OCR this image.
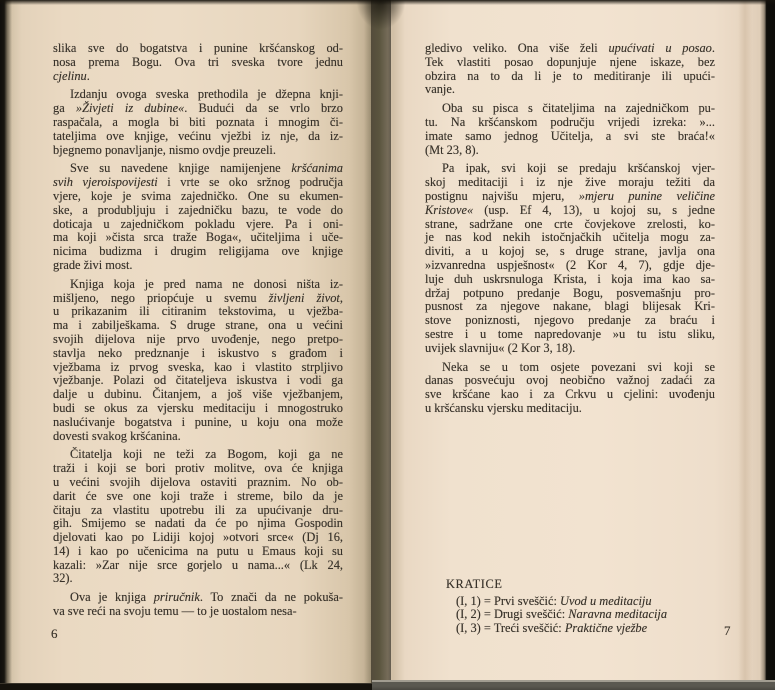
slika sve do bogatstva i punine kršćanskog od-
nosa prema Bogu. Ova tri sveska tvore jednu
cjelinu.
Izdanju ovoga sveska prethodila je džepna knji-
ga »Živjeti iz dubine«. Budući da se vrlo brzo
raspačala, a mogla bi biti poznata i mnogim či-
tateljima ove knjige, većinu vježbi iz nje, da iz-
bjegnemo ponavljanje, nismo ovdje preuzeli.
Sve su navedene knjige namijenjene kršćanima
svih vjeroispovijesti i vrte se oko sržnog područja
vjere, koje je svima zajedničko. One su ekumen-
ske, a produbljuju i zajedničku bazu, te vode do
doticaja u zajedničkom pokladu vjere. Pa i oni-
ma koji »čista srca traže Boga«, učiteljima i uče-
nicima budizma i drugim religijama ove knjige
grade živi most.
Knjiga koja je pred nama ne donosi ništa iz-
mišljeno, nego priopćuje u svemu življeni život,
u prikazanim ili citiranim tekstovima, u vježba-
ma i zabilješkama. S druge strane, ona u većini
svojih dijelova nije prvo uvođenje, nego pretpo-
stavlja neko predznanje i iskustvo s građom i
vježbama iz prvog sveska, kao i vlastito strpljivo
vježbanje. Polazi od čitateljeva iskustva i vodi ga
dalje u dubinu. Čitanjem, a još više vježbanjem,
budi se okus za vjersku meditaciju i mnogostruko
naslućivanje bogatstva i punine, u koju ona može
dovesti svakog kršćanina.
Čitatelja koji ne teži za Bogom, koji ga ne
traži i koji se bori protiv molitve, ova će knjiga
u većini svojih dijelova ostaviti praznim. No ob-
darit će sve one koji traže i streme, bilo da je
čitaju za vlastitu upotrebu ili za upućivanje dru-
gih. Smijemo se nadati da će po njima Gospodin
djelovati kao po Lidiji kojoj »otvori srce« (Dj 16,
14) i kao po učenicima na putu u Emaus koji su
kazali: »Zar nije srce gorjelo u nama...« (Lk 24,
32).
Ova je knjiga priručnik. To znači da ne pokuša-
va sve reći na svoju temu — to je uostalom nesa-
6
gledivo veliko. Ona više želi upućivati u posao.
Tek vlastiti posao dopunjuje njene iskaze, bez
obzira na to da li je to meditiranje ili upući-
vanje.
Oba su pisca s čitateljima na zajedničkom pu-
tu. Na kršćanskom području vrijedi izreka: »...
imate samo jednog Učitelja, a svi ste braća!«
(Mt 23, 8).
Pa ipak, svi koji se predaju kršćanskoj vjer-
skoj meditaciji i iz nje žive moraju težiti da
postignu najvišu mjeru, »mjeru punine veličine
Kristove« (usp. Ef 4, 13), u kojoj su, s jedne
strane, sadržane one crte čovjekove zrelosti, ko-
je nas kod nekih istočnjačkih učitelja mogu za-
diviti, a u kojoj se, s druge strane, javlja ona
»izvanredna uspješnost« (2 Kor 4, 7), gdje dje-
luje duh uskrsnuloga Krista, i koja ima kao sa-
držaj potpuno predanje Bogu, posvemašnju pro-
pusnost za njegove nakane, blagi blijesak Kri-
stove poniznosti, njegovo predanje za braću i
sestre i u tome napredovanje »u tu istu sliku,
uvijek slavniju« (2 Kor 3, 18).
Neka se u tom osjete povezani svi koji se
danas posvećuju ovoj neobično važnoj zadaći za
sve kršćane kao i za Crkvu u cjelini: uvođenju
u kršćansku vjersku meditaciju.
KRATICE
(I, 1) = Prvi sveščić: Uvod u meditaciju
(I, 2) = Drugi sveščić: Naravna meditacija
(I, 3) = Treći sveščić: Praktične vježbe	7
